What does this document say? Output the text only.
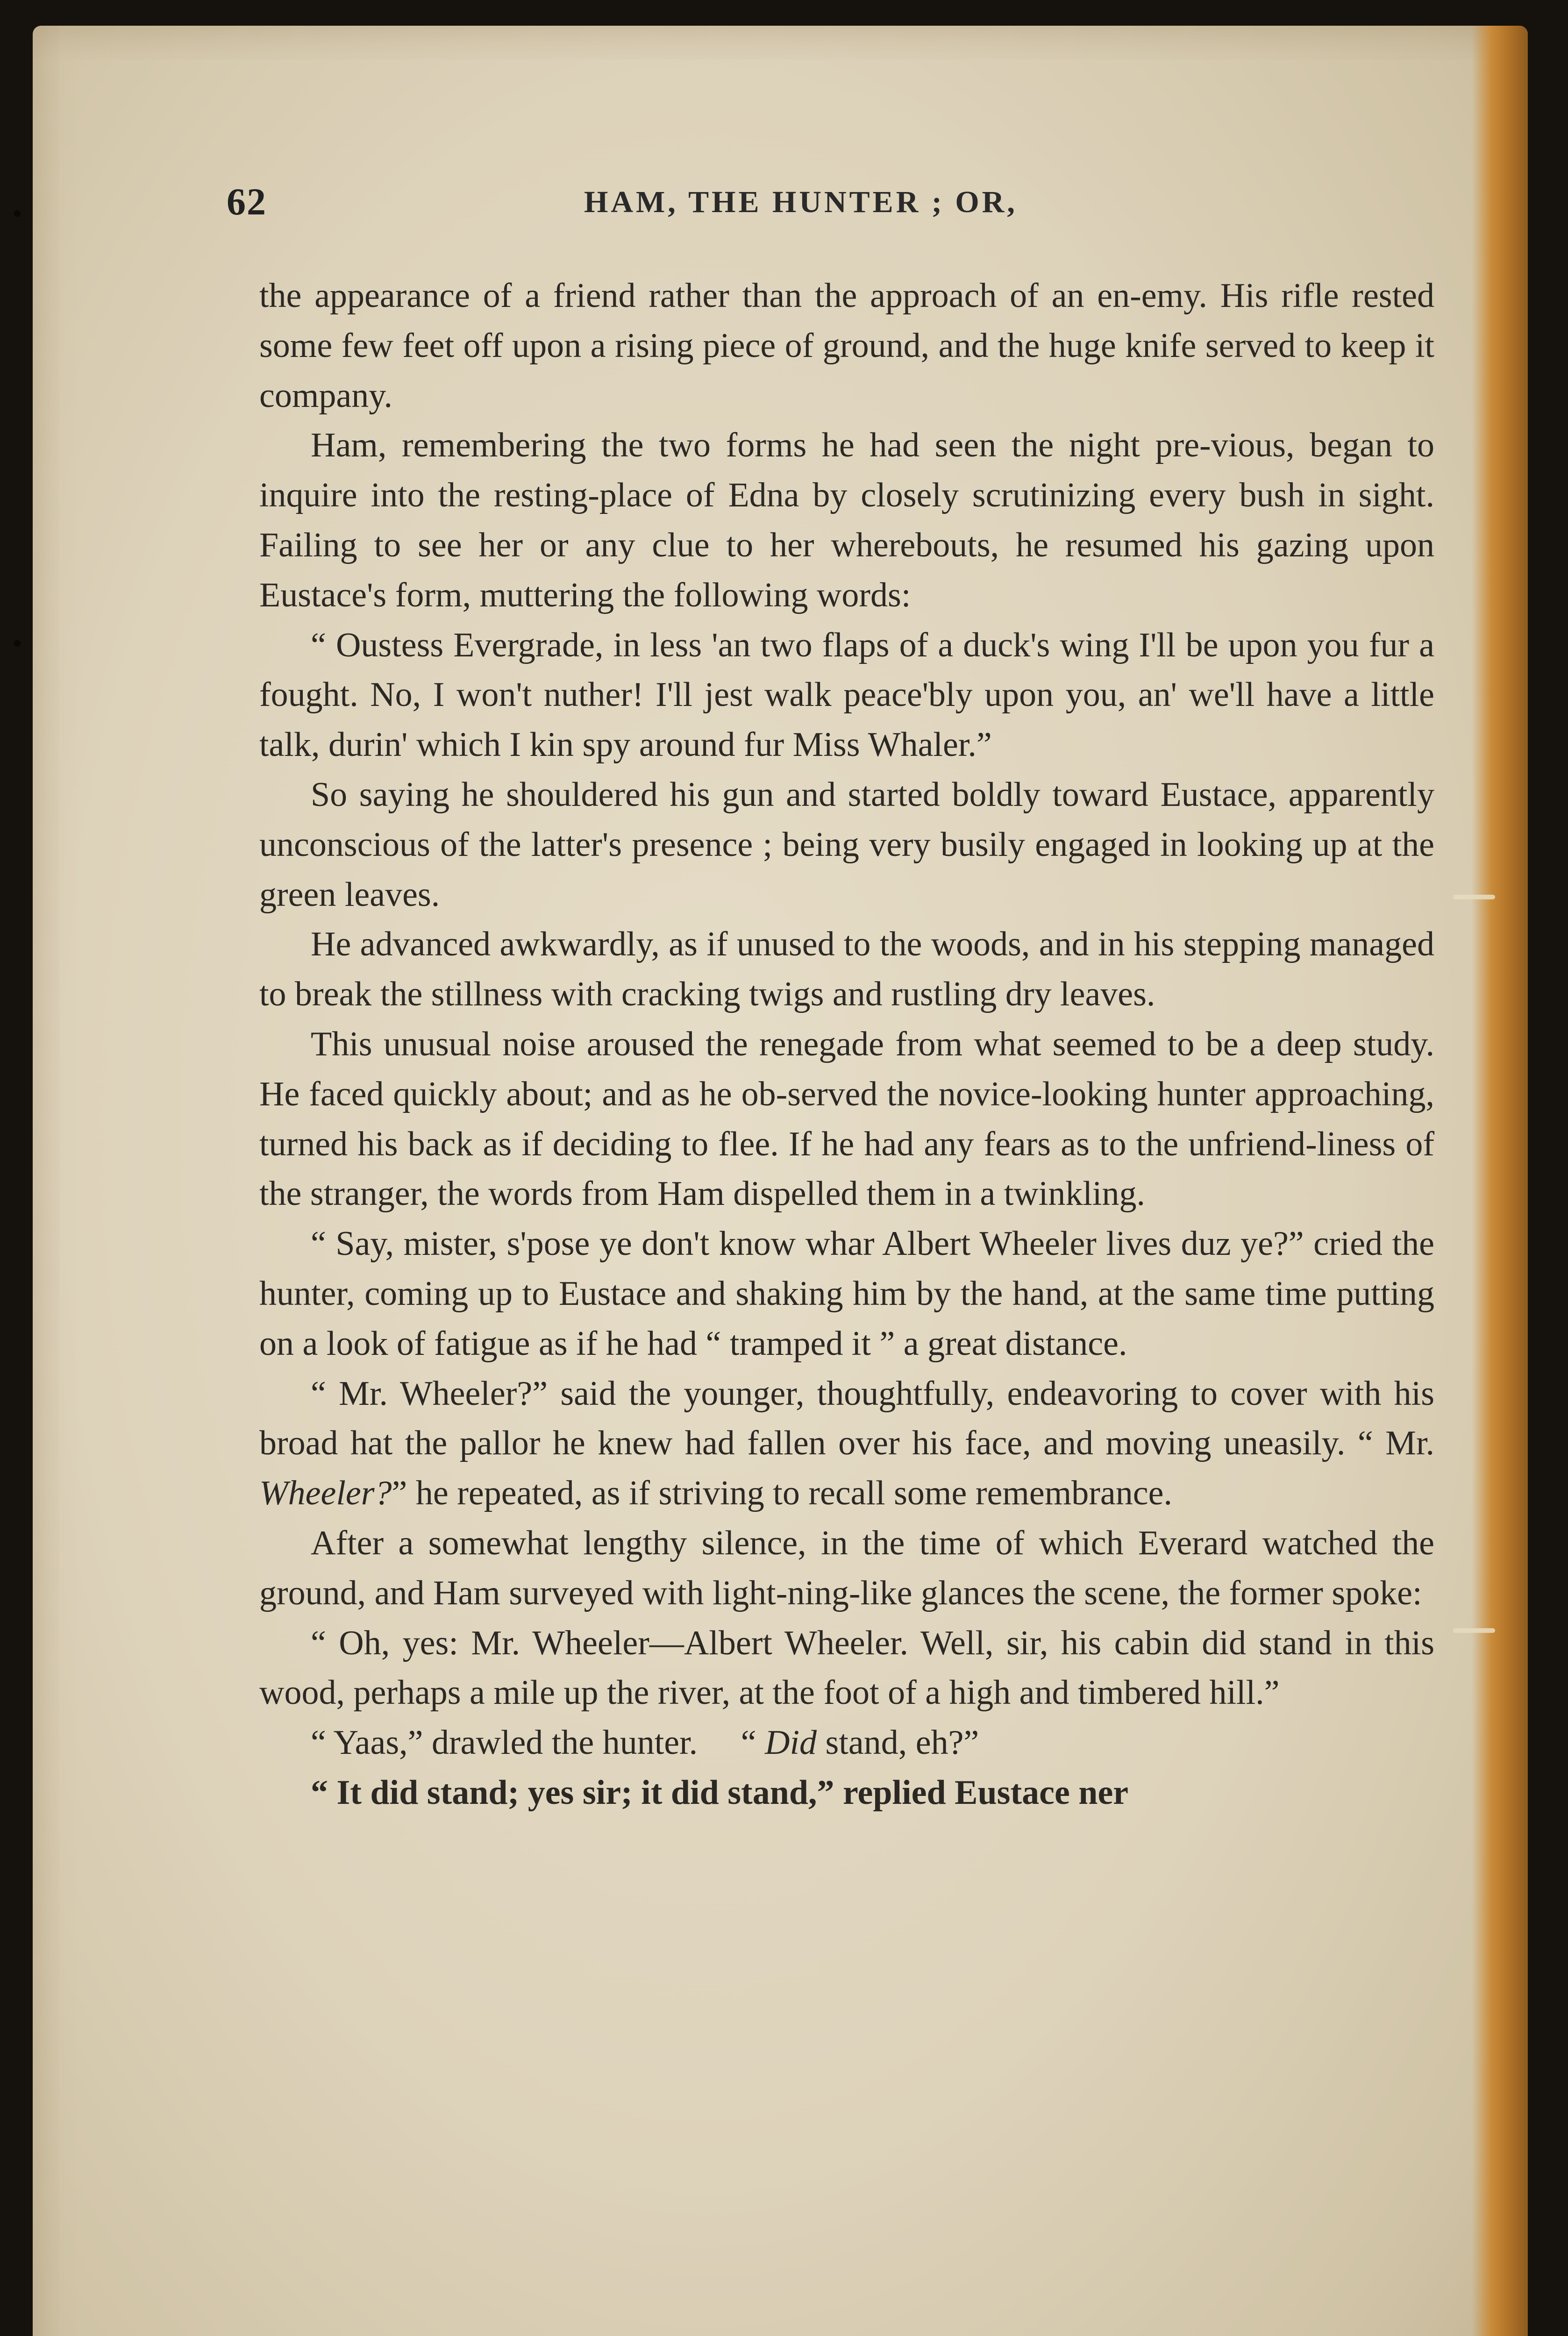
62	HAM, THE HUNTER ; OR,

the appearance of a friend rather than the approach of an en-emy. His rifle rested some few feet off upon a rising piece of ground, and the huge knife served to keep it company.

Ham, remembering the two forms he had seen the night pre-vious, began to inquire into the resting-place of Edna by closely scrutinizing every bush in sight. Failing to see her or any clue to her wherebouts, he resumed his gazing upon Eustace's form, muttering the following words:

“ Oustess Evergrade, in less 'an two flaps of a duck's wing I'll be upon you fur a fought. No, I won't nuther! I'll jest walk peace'bly upon you, an' we'll have a little talk, durin' which I kin spy around fur Miss Whaler.”

So saying he shouldered his gun and started boldly toward Eustace, apparently unconscious of the latter's presence ; being very busily engaged in looking up at the green leaves.

He advanced awkwardly, as if unused to the woods, and in his stepping managed to break the stillness with cracking twigs and rustling dry leaves.

This unusual noise aroused the renegade from what seemed to be a deep study. He faced quickly about; and as he ob-served the novice-looking hunter approaching, turned his back as if deciding to flee. If he had any fears as to the unfriend-liness of the stranger, the words from Ham dispelled them in a twinkling.

“ Say, mister, s'pose ye don't know whar Albert Wheeler lives duz ye?” cried the hunter, coming up to Eustace and shaking him by the hand, at the same time putting on a look of fatigue as if he had “ tramped it ” a great distance.

“ Mr. Wheeler?” said the younger, thoughtfully, endeavoring to cover with his broad hat the pallor he knew had fallen over his face, and moving uneasily. “ Mr. Wheeler?” he repeated, as if striving to recall some remembrance.

After a somewhat lengthy silence, in the time of which Everard watched the ground, and Ham surveyed with light-ning-like glances the scene, the former spoke:

“ Oh, yes: Mr. Wheeler—Albert Wheeler. Well, sir, his cabin did stand in this wood, perhaps a mile up the river, at the foot of a high and timbered hill.”

“ Yaas,” drawled the hunter. “ Did stand, eh?”

“ It did stand; yes sir; it did stand,” replied Eustace ner
